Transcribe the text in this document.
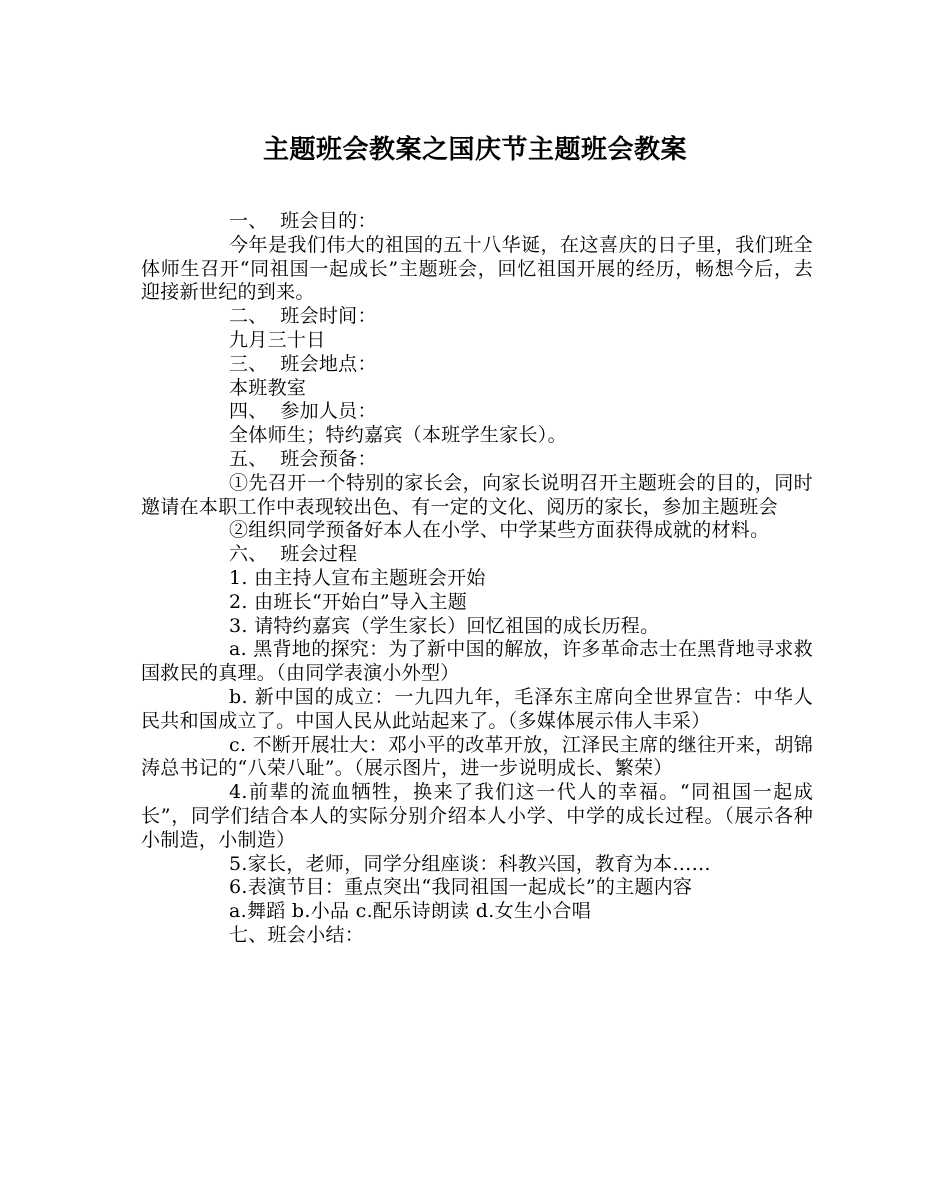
主题班会教案之国庆节主题班会教案

一、  班会目的：

今年是我们伟大的祖国的五十八华诞，在这喜庆的日子里，我们班全体师生召开“同祖国一起成长”主题班会，回忆祖国开展的经历，畅想今后，去迎接新世纪的到来。

二、  班会时间：

九月三十日

三、  班会地点：

本班教室

四、  参加人员：

全体师生；特约嘉宾（本班学生家长）。

五、  班会预备：

①先召开一个特别的家长会，向家长说明召开主题班会的目的，同时邀请在本职工作中表现较出色、有一定的文化、阅历的家长，参加主题班会

②组织同学预备好本人在小学、中学某些方面获得成就的材料。

六、  班会过程

1. 由主持人宣布主题班会开始

2. 由班长“开始白”导入主题

3. 请特约嘉宾（学生家长）回忆祖国的成长历程。

a. 黑背地的探究：为了新中国的解放，许多革命志士在黑背地寻求救国救民的真理。（由同学表演小外型）

b. 新中国的成立：一九四九年，毛泽东主席向全世界宣告：中华人民共和国成立了。中国人民从此站起来了。（多媒体展示伟人丰采）

c. 不断开展壮大：邓小平的改革开放，江泽民主席的继往开来，胡锦涛总书记的“八荣八耻”。（展示图片，进一步说明成长、繁荣）

4.前辈的流血牺牲，换来了我们这一代人的幸福。“同祖国一起成长”，同学们结合本人的实际分别介绍本人小学、中学的成长过程。（展示各种小制造，小制造）

5.家长，老师，同学分组座谈：科教兴国，教育为本……

6.表演节目：重点突出“我同祖国一起成长”的主题内容

a.舞蹈 b.小品 c.配乐诗朗读 d.女生小合唱

七、班会小结：
